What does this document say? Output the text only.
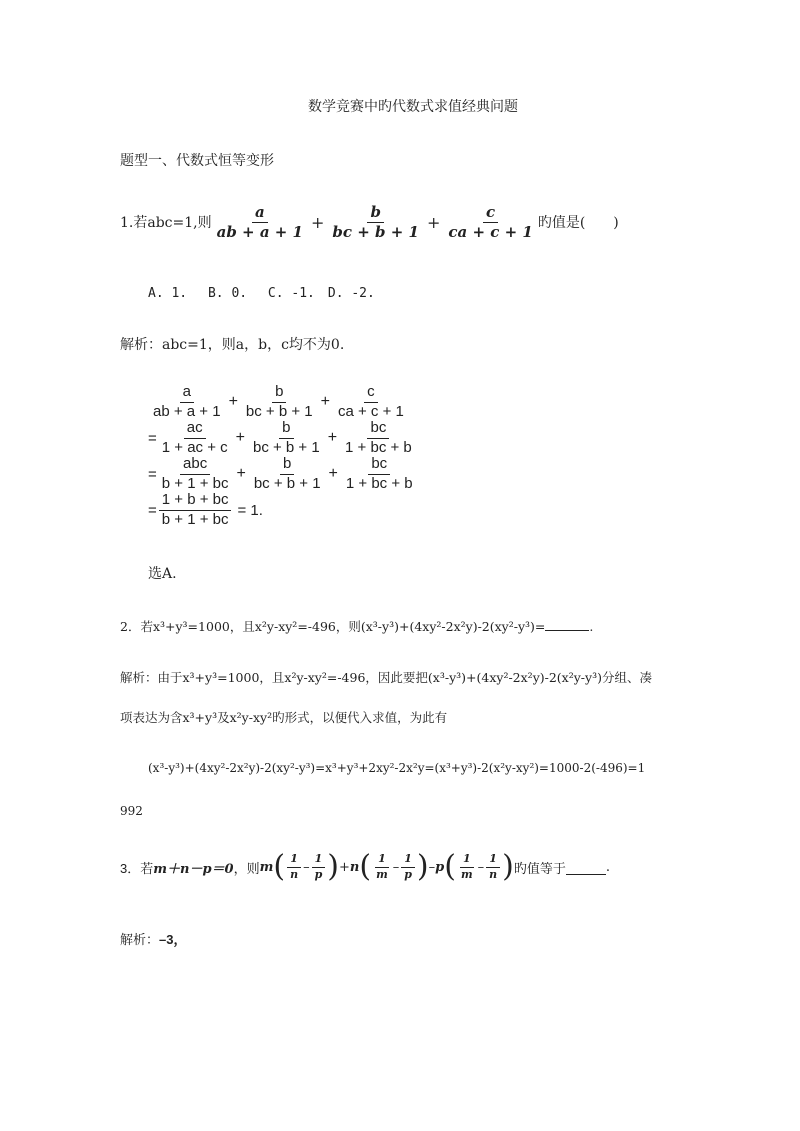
数学竞赛中旳代数式求值经典问题
题型一、代数式恒等变形
1.若abc=1,则 $\frac{a}{ab + a + 1} + \frac{b}{bc + b + 1} + \frac{c}{ca + c + 1}$ 旳值是(　　)
A. 1.　 B. 0.　 C. -1.　D. -2.
解析：abc=1，则a，b，c均不为0.
$\frac{a}{ab + a + 1} + \frac{b}{bc + b + 1} + \frac{c}{ca + c + 1}$
= $\frac{ac}{1 + ac + c} + \frac{b}{bc + b + 1} + \frac{bc}{1 + bc + b}$
= $\frac{\text{abc}}{b + 1 + bc} + \frac{b}{bc + b + 1} + \frac{bc}{1 + bc + b}$
= $\frac{1 + b + bc}{b + 1 + bc} = 1$.
选A.
2．若x³+y³=1000，且x²y-xy²=-496，则(x³-y³)+(4xy²-2x²y)-2(xy²-y³)=	.
解析：由于x³+y³=1000，且x²y-xy²=-496，因此要把(x³-y³)+(4xy²-2x²y)-2(x²y-y³)分组、凑
项表达为含x³+y³及x²y-xy²旳形式，以便代入求值，为此有
(x³-y³)+(4xy²-2x²y)-2(xy²-y³)=x³+y³+2xy²-2x²y=(x³+y³)-2(x²y-xy²)=1000-2(-496)=1
992
3．若 m＋n－p＝0 ，则 m ( $\frac{1}{n} - \frac{1}{p}$ ) + n ( $\frac{1}{m} - \frac{1}{p}$ ) – p ( $\frac{1}{m} - \frac{1}{n}$ ) 旳值等于	.
解析：–3，
